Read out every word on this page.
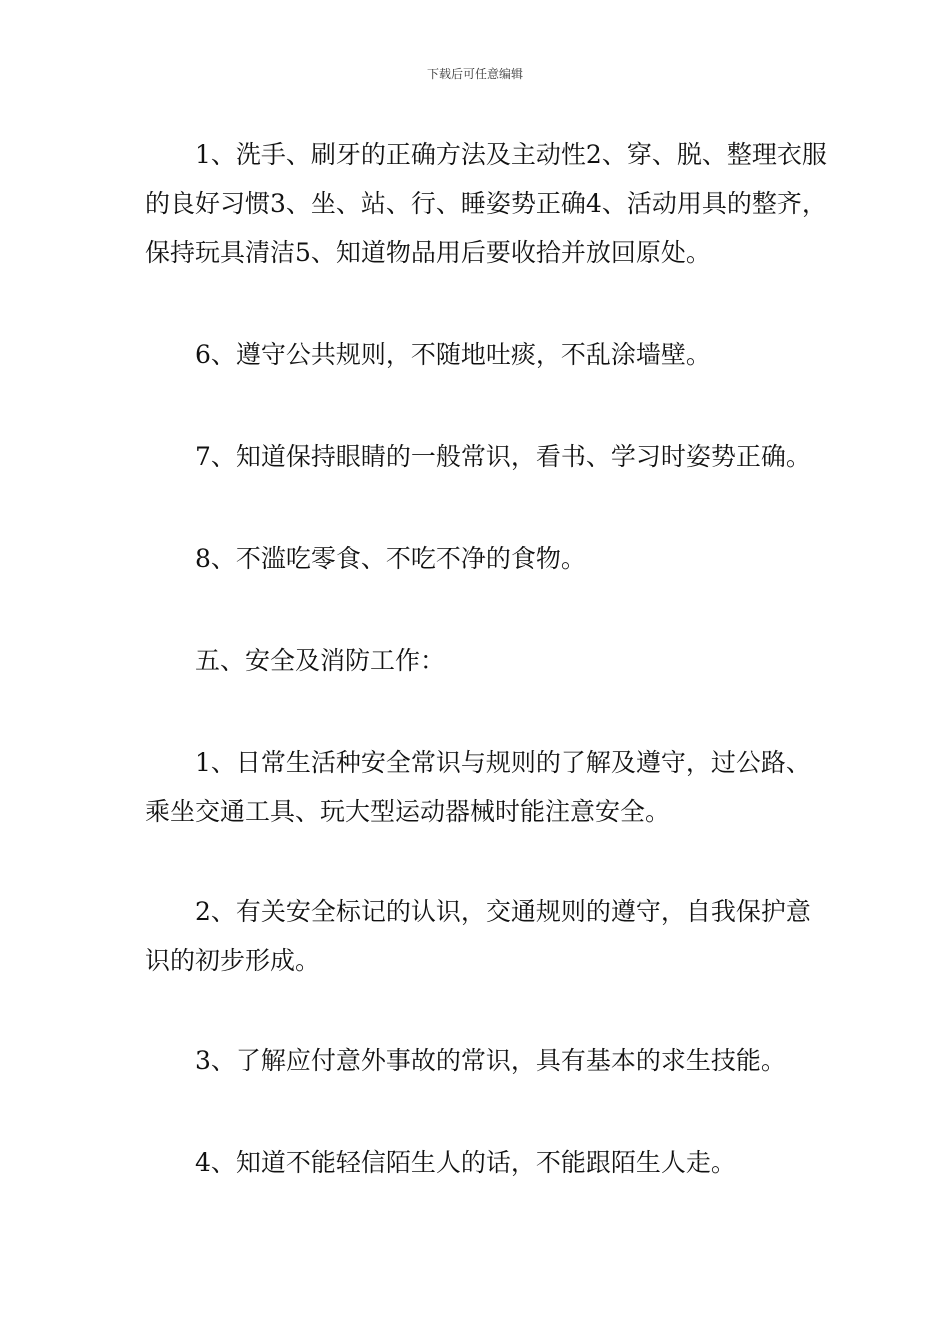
下载后可任意编辑

1、洗手、刷牙的正确方法及主动性2、穿、脱、整理衣服的良好习惯3、坐、站、行、睡姿势正确4、活动用具的整齐，保持玩具清洁5、知道物品用后要收拾并放回原处。

6、遵守公共规则，不随地吐痰，不乱涂墙壁。

7、知道保持眼睛的一般常识，看书、学习时姿势正确。

8、不滥吃零食、不吃不净的食物。

五、安全及消防工作：

1、日常生活种安全常识与规则的了解及遵守，过公路、乘坐交通工具、玩大型运动器械时能注意安全。

2、有关安全标记的认识，交通规则的遵守，自我保护意识的初步形成。

3、了解应付意外事故的常识，具有基本的求生技能。

4、知道不能轻信陌生人的话，不能跟陌生人走。
